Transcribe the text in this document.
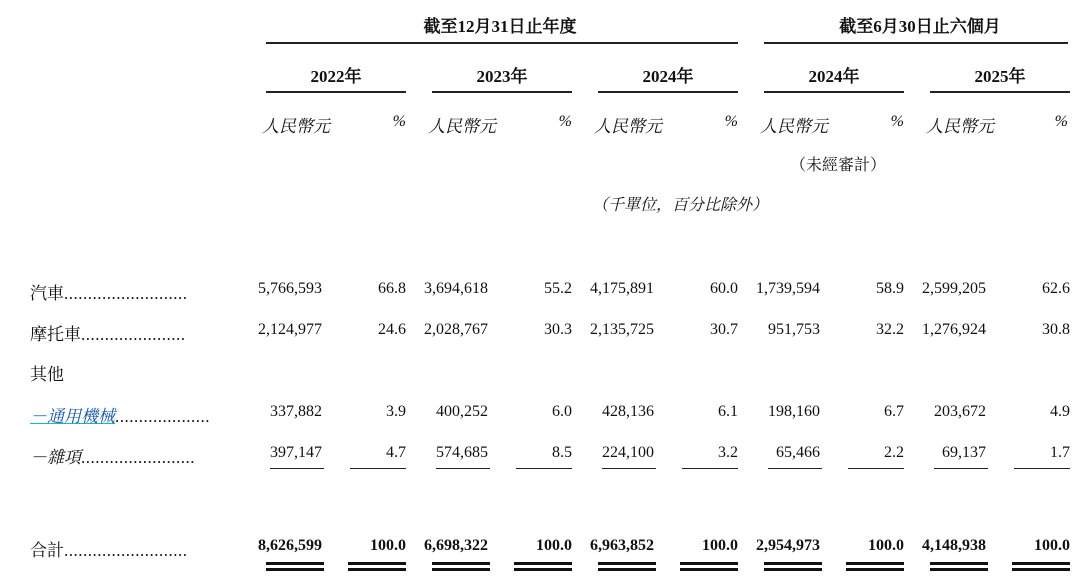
截至12月31日止年度	截至6月30日止六個月
2022年	2023年	2024年	2024年	2025年
人民幣元	% 人民幣元	% 人民幣元	% 人民幣元	% 人民幣元	%
（未經審計）
（千單位，百分比除外）
汽車..........................	5,766,593	66.8	3,694,618	55.2	4,175,891	60.0	1,739,594	58.9	2,599,205	62.6
摩托車......................	2,124,977	24.6	2,028,767	30.3	2,135,725	30.7	951,753	32.2	1,276,924	30.8
其他
－通用機械....................	337,882	3.9	400,252	6.0	428,136	6.1	198,160	6.7	203,672	4.9
－雜項........................	397,147	4.7	574,685	8.5	224,100	3.2	65,466	2.2	69,137	1.7
合計..........................	8,626,599	100.0	6,698,322	100.0	6,963,852	100.0	2,954,973	100.0	4,148,938	100.0
